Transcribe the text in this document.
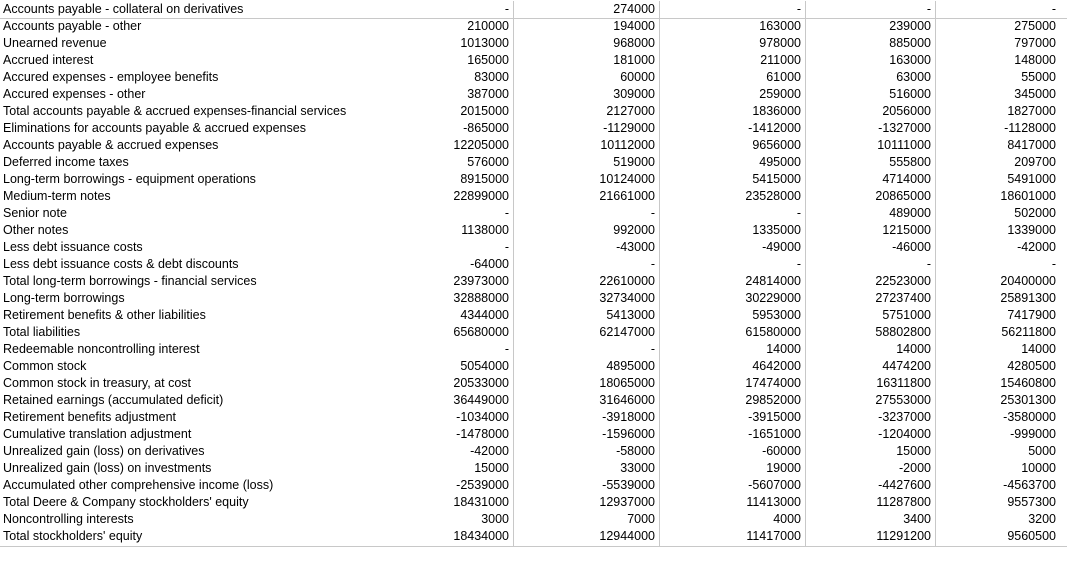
Accounts payable - collateral on derivatives	-	274000	-	-	-
Accounts payable - other	210000	194000	163000	239000	275000
Unearned revenue	1013000	968000	978000	885000	797000
Accrued interest	165000	181000	211000	163000	148000
Accured expenses - employee benefits	83000	60000	61000	63000	55000
Accured expenses - other	387000	309000	259000	516000	345000
Total accounts payable & accrued expenses-financial services	2015000	2127000	1836000	2056000	1827000
Eliminations for accounts payable & accrued expenses	-865000	-1129000	-1412000	-1327000	-1128000
Accounts payable & accrued expenses	12205000	10112000	9656000	10111000	8417000
Deferred income taxes	576000	519000	495000	555800	209700
Long-term borrowings - equipment operations	8915000	10124000	5415000	4714000	5491000
Medium-term notes	22899000	21661000	23528000	20865000	18601000
Senior note	-	-	-	489000	502000
Other notes	1138000	992000	1335000	1215000	1339000
Less debt issuance costs	-	-43000	-49000	-46000	-42000
Less debt issuance costs & debt discounts	-64000	-	-	-	-
Total long-term borrowings - financial services	23973000	22610000	24814000	22523000	20400000
Long-term borrowings	32888000	32734000	30229000	27237400	25891300
Retirement benefits & other liabilities	4344000	5413000	5953000	5751000	7417900
Total liabilities	65680000	62147000	61580000	58802800	56211800
Redeemable noncontrolling interest	-	-	14000	14000	14000
Common stock	5054000	4895000	4642000	4474200	4280500
Common stock in treasury, at cost	20533000	18065000	17474000	16311800	15460800
Retained earnings (accumulated deficit)	36449000	31646000	29852000	27553000	25301300
Retirement benefits adjustment	-1034000	-3918000	-3915000	-3237000	-3580000
Cumulative translation adjustment	-1478000	-1596000	-1651000	-1204000	-999000
Unrealized gain (loss) on derivatives	-42000	-58000	-60000	15000	5000
Unrealized gain (loss) on investments	15000	33000	19000	-2000	10000
Accumulated other comprehensive income (loss)	-2539000	-5539000	-5607000	-4427600	-4563700
Total Deere & Company stockholders' equity	18431000	12937000	11413000	11287800	9557300
Noncontrolling interests	3000	7000	4000	3400	3200
Total stockholders' equity	18434000	12944000	11417000	11291200	9560500
